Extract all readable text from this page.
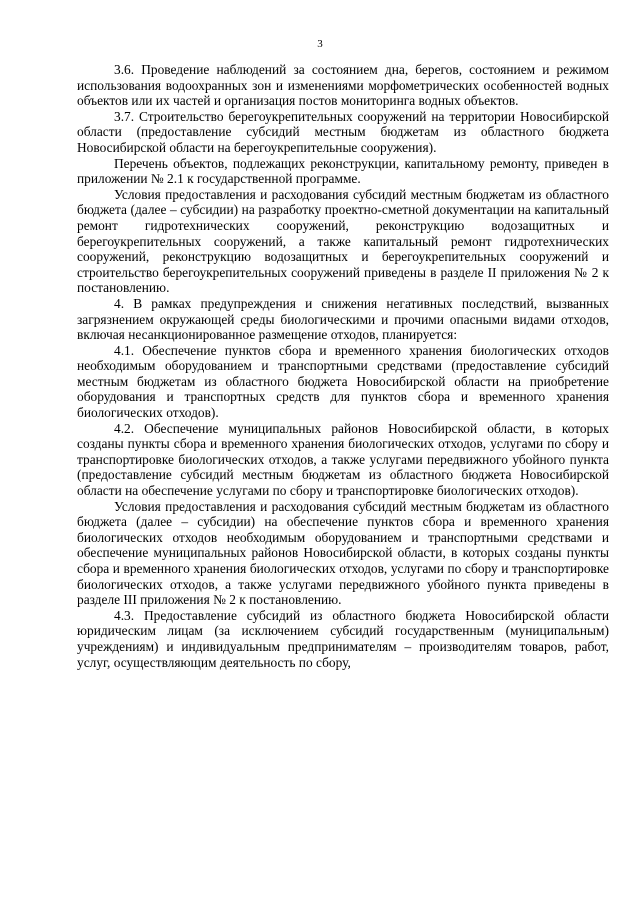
3

3.6. Проведение наблюдений за состоянием дна, берегов, состоянием и режимом использования водоохранных зон и изменениями морфометрических особенностей водных объектов или их частей и организация постов мониторинга водных объектов.

3.7. Строительство берегоукрепительных сооружений на территории Новосибирской области (предоставление субсидий местным бюджетам из областного бюджета Новосибирской области на берегоукрепительные сооружения).

Перечень объектов, подлежащих реконструкции, капитальному ремонту, приведен в приложении № 2.1 к государственной программе.

Условия предоставления и расходования субсидий местным бюджетам из областного бюджета (далее – субсидии) на разработку проектно-сметной документации на капитальный ремонт гидротехнических сооружений, реконструкцию водозащитных и берегоукрепительных сооружений, а также капитальный ремонт гидротехнических сооружений, реконструкцию водозащитных и берегоукрепительных сооружений и строительство берегоукрепительных сооружений приведены в разделе II приложения № 2 к постановлению.

4. В рамках предупреждения и снижения негативных последствий, вызванных загрязнением окружающей среды биологическими и прочими опасными видами отходов, включая несанкционированное размещение отходов, планируется:

4.1. Обеспечение пунктов сбора и временного хранения биологических отходов необходимым оборудованием и транспортными средствами (предоставление субсидий местным бюджетам из областного бюджета Новосибирской области на приобретение оборудования и транспортных средств для пунктов сбора и временного хранения биологических отходов).

4.2. Обеспечение муниципальных районов Новосибирской области, в которых созданы пункты сбора и временного хранения биологических отходов, услугами по сбору и транспортировке биологических отходов, а также услугами передвижного убойного пункта (предоставление субсидий местным бюджетам из областного бюджета Новосибирской области на обеспечение услугами по сбору и транспортировке биологических отходов).

Условия предоставления и расходования субсидий местным бюджетам из областного бюджета (далее – субсидии) на обеспечение пунктов сбора и временного хранения биологических отходов необходимым оборудованием и транспортными средствами и обеспечение муниципальных районов Новосибирской области, в которых созданы пункты сбора и временного хранения биологических отходов, услугами по сбору и транспортировке биологических отходов, а также услугами передвижного убойного пункта приведены в разделе III приложения № 2 к постановлению.

4.3. Предоставление субсидий из областного бюджета Новосибирской области юридическим лицам (за исключением субсидий государственным (муниципальным) учреждениям) и индивидуальным предпринимателям – производителям товаров, работ, услуг, осуществляющим деятельность по сбору,
